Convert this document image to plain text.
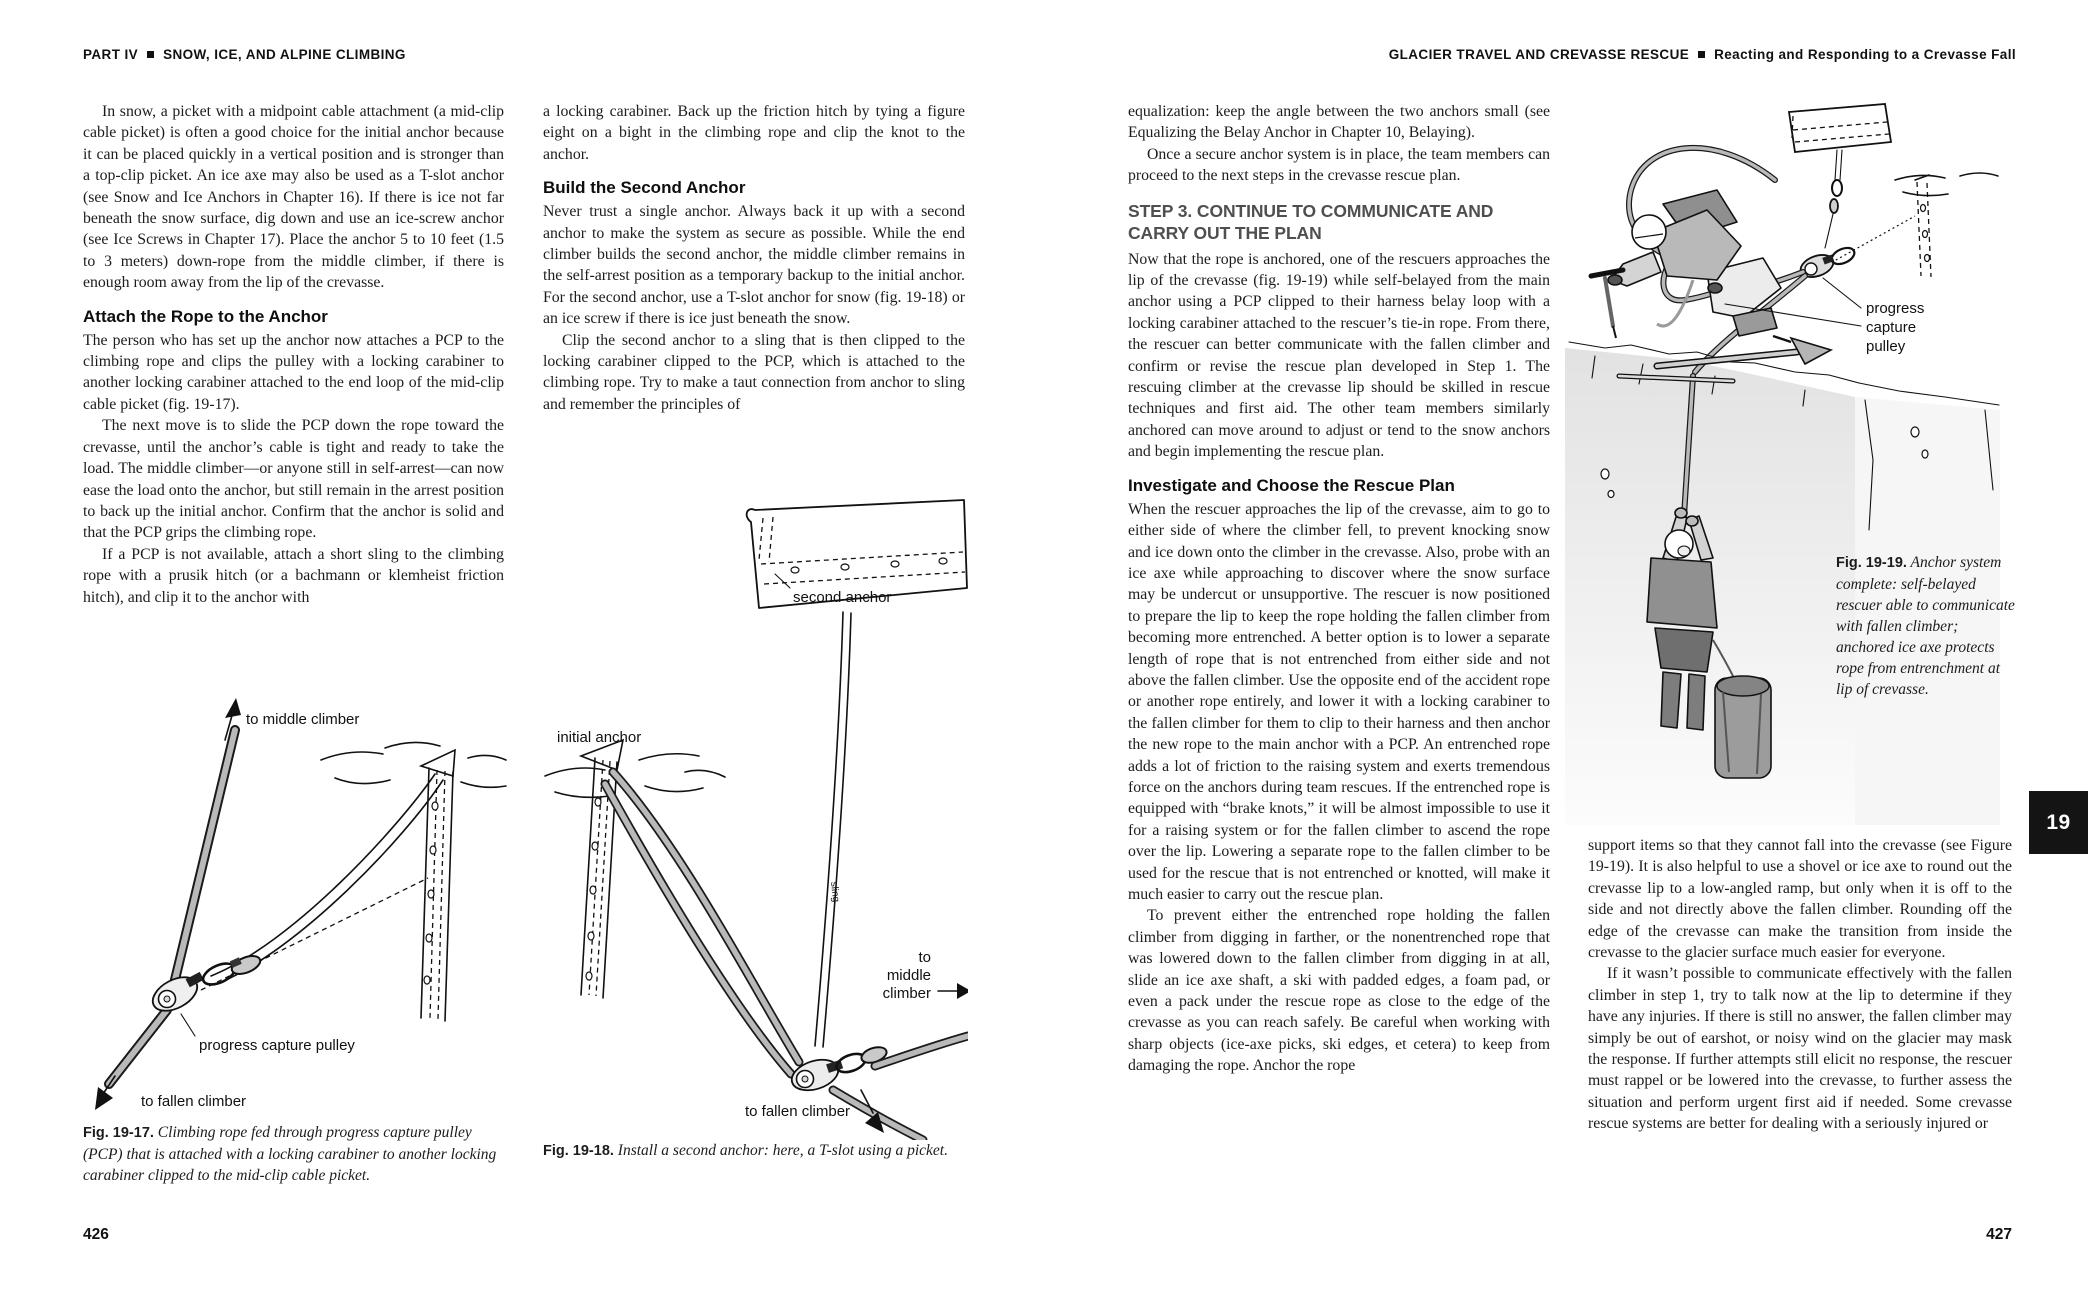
PART IV SNOW, ICE, AND ALPINE CLIMBING	GLACIER TRAVEL AND CREVASSE RESCUE Reacting and Responding to a Crevasse Fall

In snow, a picket with a midpoint cable attachment (a mid-clip cable picket) is often a good choice for the initial anchor because it can be placed quickly in a vertical position and is stronger than a top-clip picket. An ice axe may also be used as a T-slot anchor (see Snow and Ice Anchors in Chapter 16). If there is ice not far beneath the snow surface, dig down and use an ice-screw anchor (see Ice Screws in Chapter 17). Place the anchor 5 to 10 feet (1.5 to 3 meters) down-rope from the middle climber, if there is enough room away from the lip of the crevasse.

Attach the Rope to the Anchor

The person who has set up the anchor now attaches a PCP to the climbing rope and clips the pulley with a locking carabiner to another locking carabiner attached to the end loop of the mid-clip cable picket (fig. 19-17).

The next move is to slide the PCP down the rope toward the crevasse, until the anchor’s cable is tight and ready to take the load. The middle climber—or anyone still in self-arrest—can now ease the load onto the anchor, but still remain in the arrest position to back up the initial anchor. Confirm that the anchor is solid and that the PCP grips the climbing rope.

If a PCP is not available, attach a short sling to the climbing rope with a prusik hitch (or a bachmann or klemheist friction hitch), and clip it to the anchor with

a locking carabiner. Back up the friction hitch by tying a figure eight on a bight in the climbing rope and clip the knot to the anchor.

Build the Second Anchor

Never trust a single anchor. Always back it up with a second anchor to make the system as secure as possible. While the end climber builds the second anchor, the middle climber remains in the self-arrest position as a temporary backup to the initial anchor. For the second anchor, use a T-slot anchor for snow (fig. 19-18) or an ice screw if there is ice just beneath the snow.

Clip the second anchor to a sling that is then clipped to the locking carabiner clipped to the PCP, which is attached to the climbing rope. Try to make a taut connection from anchor to sling and remember the principles of

to middle climber
progress capture pulley
to fallen climber
Fig. 19-17. Climbing rope fed through progress capture pulley (PCP) that is attached with a locking carabiner to another locking carabiner clipped to the mid-clip cable picket.
second anchor
initial anchor
sling
to
middle
climber
to fallen climber
Fig. 19-18. Install a second anchor: here, a T-slot using a picket.

equalization: keep the angle between the two anchors small (see Equalizing the Belay Anchor in Chapter 10, Belaying).

Once a secure anchor system is in place, the team members can proceed to the next steps in the crevasse rescue plan.

STEP 3. CONTINUE TO COMMUNICATE AND CARRY OUT THE PLAN

Now that the rope is anchored, one of the rescuers approaches the lip of the crevasse (fig. 19-19) while self-belayed from the main anchor using a PCP clipped to their harness belay loop with a locking carabiner attached to the rescuer’s tie-in rope. From there, the rescuer can better communicate with the fallen climber and confirm or revise the rescue plan developed in Step 1. The rescuing climber at the crevasse lip should be skilled in rescue techniques and first aid. The other team members similarly anchored can move around to adjust or tend to the snow anchors and begin implementing the rescue plan.

Investigate and Choose the Rescue Plan

When the rescuer approaches the lip of the crevasse, aim to go to either side of where the climber fell, to prevent knocking snow and ice down onto the climber in the crevasse. Also, probe with an ice axe while approaching to discover where the snow surface may be undercut or unsupportive. The rescuer is now positioned to prepare the lip to keep the rope holding the fallen climber from becoming more entrenched. A better option is to lower a separate length of rope that is not entrenched from either side and not above the fallen climber. Use the opposite end of the accident rope or another rope entirely, and lower it with a locking carabiner to the fallen climber for them to clip to their harness and then anchor the new rope to the main anchor with a PCP. An entrenched rope adds a lot of friction to the raising system and exerts tremendous force on the anchors during team rescues. If the entrenched rope is equipped with “brake knots,” it will be almost impossible to use it for a raising system or for the fallen climber to ascend the rope over the lip. Lowering a separate rope to the fallen climber to be used for the rescue that is not entrenched or knotted, will make it much easier to carry out the rescue plan.

To prevent either the entrenched rope holding the fallen climber from digging in farther, or the nonentrenched rope that was lowered down to the fallen climber from digging in at all, slide an ice axe shaft, a ski with padded edges, a foam pad, or even a pack under the rescue rope as close to the edge of the crevasse as you can reach safely. Be careful when working with sharp objects (ice-axe picks, ski edges, et cetera) to keep from damaging the rope. Anchor the rope

support items so that they cannot fall into the crevasse (see Figure 19-19). It is also helpful to use a shovel or ice axe to round out the crevasse lip to a low-angled ramp, but only when it is off to the side and not directly above the fallen climber. Rounding off the edge of the crevasse can make the transition from inside the crevasse to the glacier surface much easier for everyone.

If it wasn’t possible to communicate effectively with the fallen climber in step 1, try to talk now at the lip to determine if they have any injuries. If there is still no answer, the fallen climber may simply be out of earshot, or noisy wind on the glacier may mask the response. If further attempts still elicit no response, the rescuer must rappel or be lowered into the crevasse, to further assess the situation and perform urgent first aid if needed. Some crevasse rescue systems are better for dealing with a seriously injured or

progress
capture
pulley
Fig. 19-19. Anchor system complete: self-belayed rescuer able to communicate with fallen climber; anchored ice axe protects rope from entrenchment at lip of crevasse.
19
426	427
